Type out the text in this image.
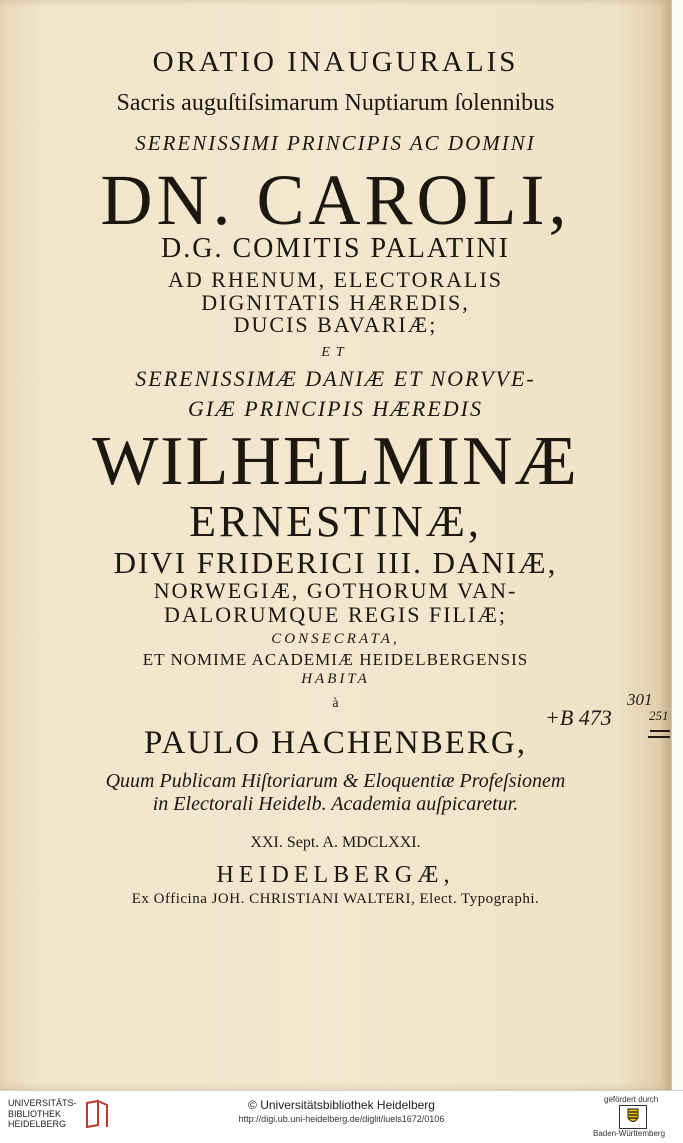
ORATIO INAUGURALIS
Sacris auguſtiſsimarum Nuptiarum ſolennibus
SERENISSIMI PRINCIPIS AC DOMINI
DN. CAROLI,
D.G. COMITIS PALATINI
AD RHENUM, ELECTORALIS
DIGNITATIS HÆREDIS,
DUCIS BAVARIÆ;
ET
SERENISSIMÆ DANIÆ ET NORVVE-
GIÆ PRINCIPIS HÆREDIS
WILHELMINÆ
ERNESTINÆ,
DIVI FRIDERICI III. DANIÆ,
NORWEGIÆ, GOTHORUM VAN-
DALORUMQUE REGIS FILIÆ;
CONSECRATA,
ET NOMIME ACADEMIÆ HEIDELBERGENSIS
HABITA
à
PAULO HACHENBERG,
Quum Publicam Hiſtoriarum & Eloquentiæ Profeſsionem
in Electorali Heidelb. Academia auſpicaretur.
XXI. Sept. A. MDCLXXI.
HEIDELBERGÆ,
Ex Officina JOH. CHRISTIANI WALTERI, Elect. Typographi.
+B 473
301
251
UNIVERSITÄTS-
BIBLIOTHEK
HEIDELBERG
© Universitätsbibliothek Heidelberg
http://digi.ub.uni-heidelberg.de/diglit/luels1672/0106
gefördert durch
Baden-Württemberg
